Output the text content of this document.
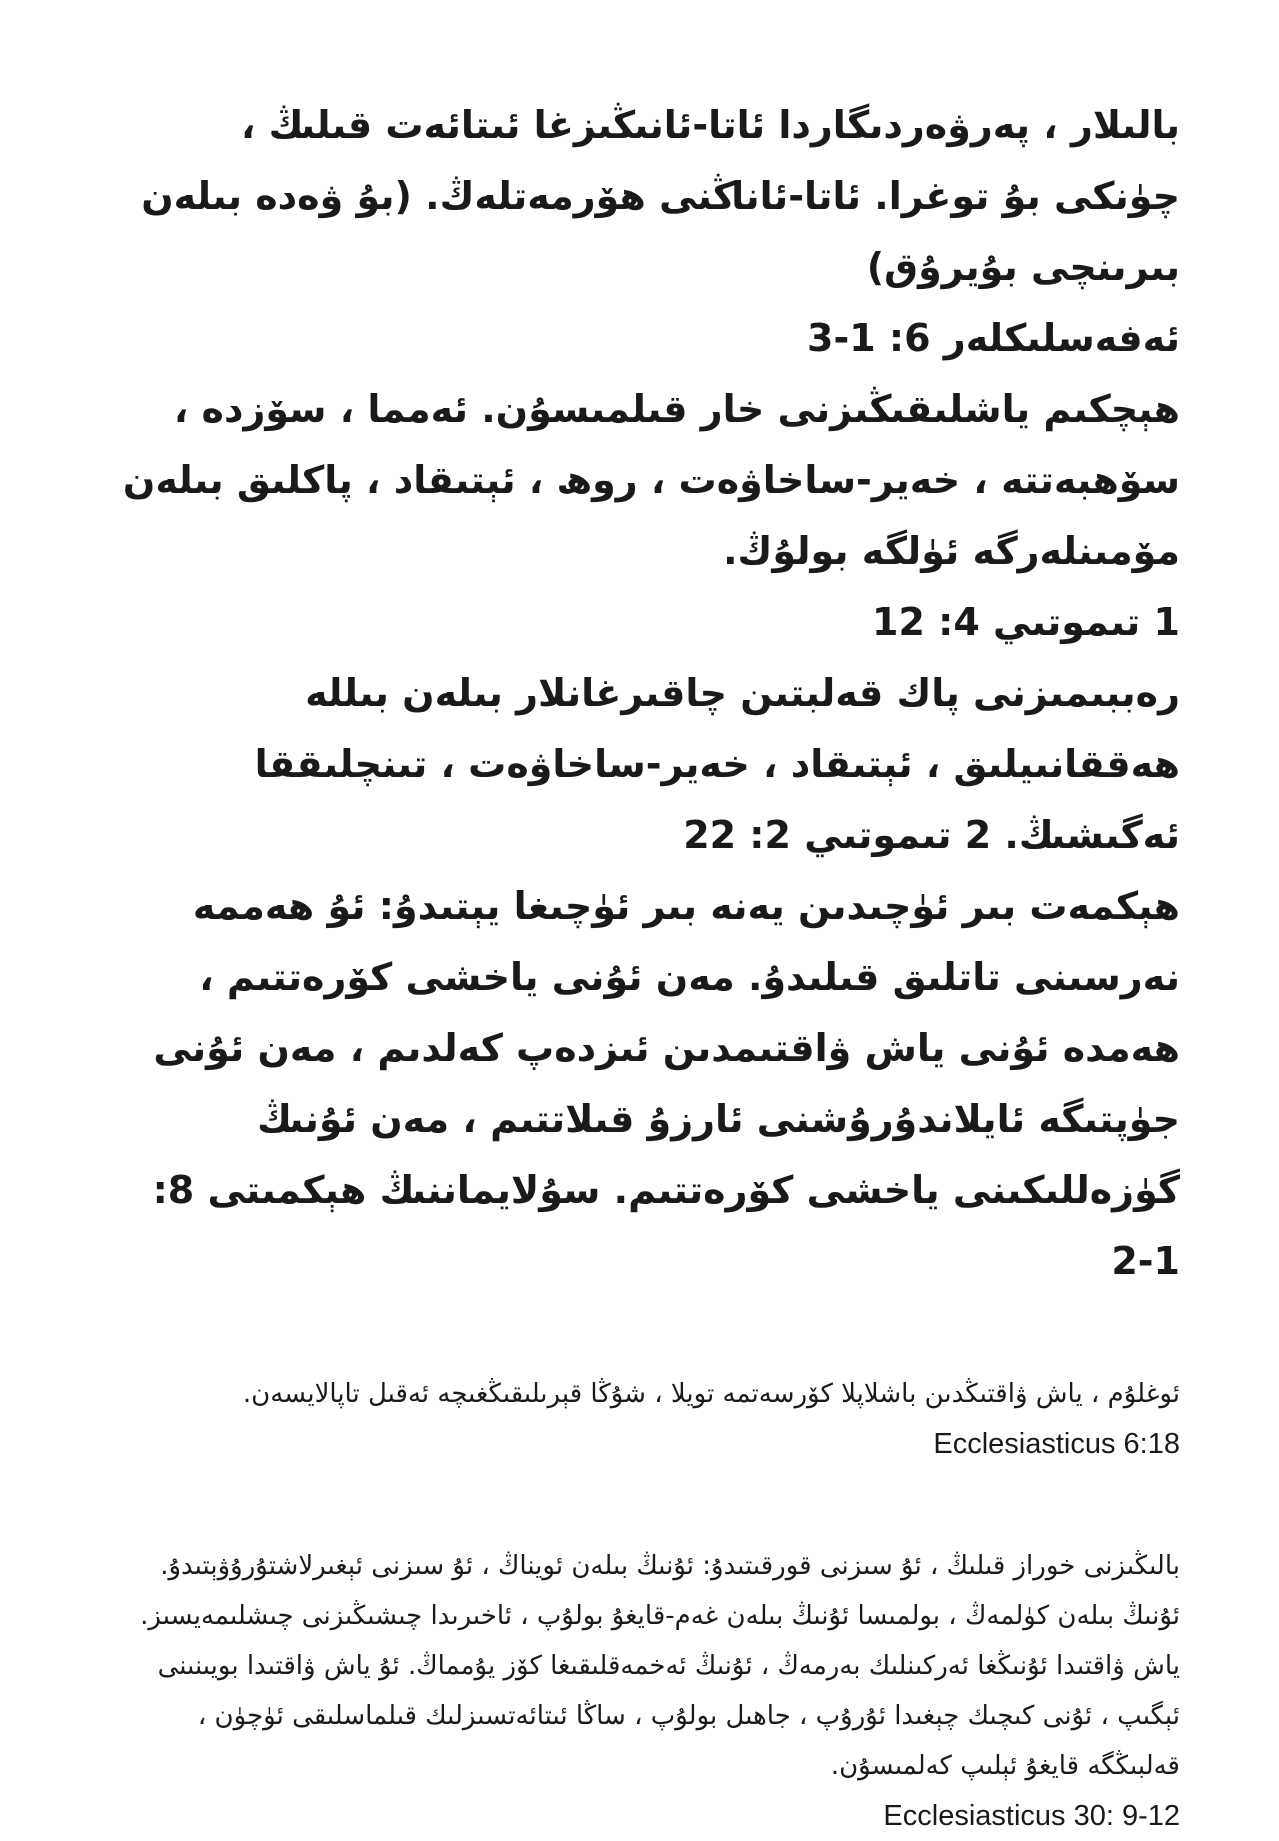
بالىلار ، پەرۋەردىگاردا ئاتا-ئانىڭىزغا ئىتائەت قىلىڭ ، چۈنكى بۇ توغرا. ئاتا-ئاناڭنى ھۆرمەتلەڭ. (بۇ ۋەدە بىلەن بىرىنچى بۇيرۇق)

ئەفەسلىكلەر 6: 1-3

ھېچكىم ياشلىقىڭىزنى خار قىلمىسۇن. ئەمما ، سۆزدە ، سۆھبەتتە ، خەير-ساخاۋەت ، روھ ، ئېتىقاد ، پاكلىق بىلەن مۆمىنلەرگە ئۈلگە بولۇڭ.

1 تىموتىي 4: 12

رەببىمىزنى پاك قەلبتىن چاقىرغانلار بىلەن بىللە ھەققانىيلىق ، ئېتىقاد ، خەير-ساخاۋەت ، تىنچلىققا ئەگىشىڭ. 2 تىموتىي 2: 22

ھېكمەت بىر ئۈچىدىن يەنە بىر ئۈچىغا يېتىدۇ: ئۇ ھەممە نەرسىنى تاتلىق قىلىدۇ. مەن ئۇنى ياخشى كۆرەتتىم ، ھەمدە ئۇنى ياش ۋاقتىمدىن ئىزدەپ كەلدىم ، مەن ئۇنى جۈپتىگە ئايلاندۇرۇشنى ئارزۇ قىلاتتىم ، مەن ئۇنىڭ گۈزەللىكىنى ياخشى كۆرەتتىم. سۇلايماننىڭ ھېكمىتى 8: 1-2

ئوغلۇم ، ياش ۋاقتىڭدىن باشلاپلا كۆرسەتمە تويلا ، شۇڭا قېرىلىقىڭغىچە ئەقىل تاپالايسەن.

Ecclesiasticus 6:18

بالىڭىزنى خوراز قىلىڭ ، ئۇ سىزنى قورقىتىدۇ: ئۇنىڭ بىلەن ئويناڭ ، ئۇ سىزنى ئېغىرلاشتۇرۇۋېتىدۇ. ئۇنىڭ بىلەن كۈلمەڭ ، بولمىسا ئۇنىڭ بىلەن غەم-قايغۇ بولۇپ ، ئاخىرىدا چىشىڭىزنى چىشلىمەيسىز. ياش ۋاقتىدا ئۇنىڭغا ئەركىنلىك بەرمەڭ ، ئۇنىڭ ئەخمەقلىقىغا كۆز يۇمماڭ. ئۇ ياش ۋاقتىدا بويىنىنى ئېگىپ ، ئۇنى كىچىك چېغىدا ئۇرۇپ ، جاھىل بولۇپ ، ساڭا ئىتائەتسىزلىك قىلماسلىقى ئۈچۈن ، قەلبىڭگە قايغۇ ئېلىپ كەلمىسۇن.

Ecclesiasticus 30: 9-12
